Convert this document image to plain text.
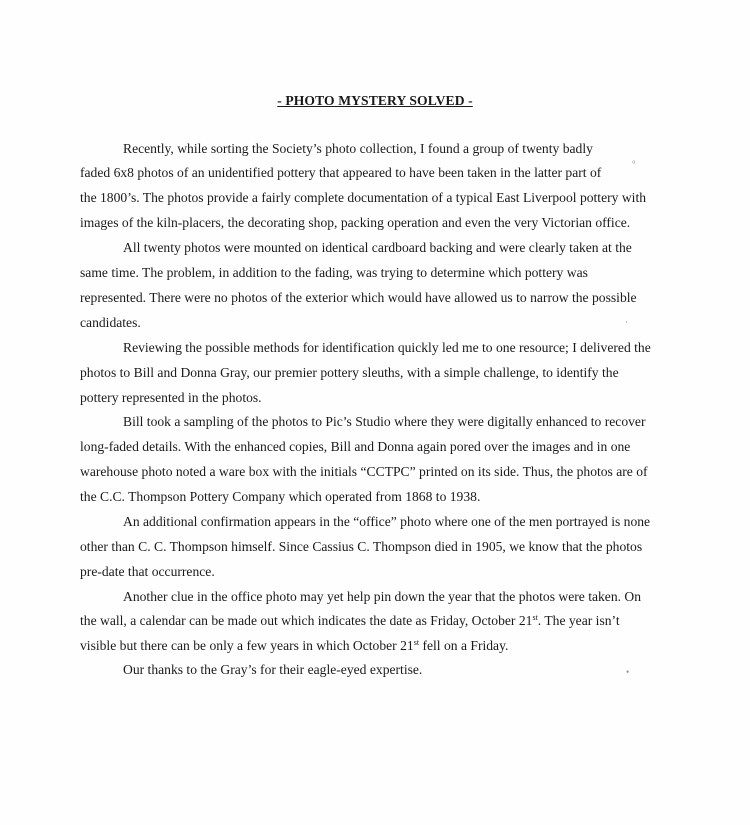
- PHOTO MYSTERY SOLVED -
Recently, while sorting the Society’s photo collection, I found a group of twenty badly
faded 6x8 photos of an unidentified pottery that appeared to have been taken in the latter part of
the 1800’s. The photos provide a fairly complete documentation of a typical East Liverpool pottery with
images of the kiln-placers, the decorating shop, packing operation and even the very Victorian office.
All twenty photos were mounted on identical cardboard backing and were clearly taken at the
same time. The problem, in addition to the fading, was trying to determine which pottery was
represented. There were no photos of the exterior which would have allowed us to narrow the possible
candidates.
Reviewing the possible methods for identification quickly led me to one resource; I delivered the
photos to Bill and Donna Gray, our premier pottery sleuths, with a simple challenge, to identify the
pottery represented in the photos.
Bill took a sampling of the photos to Pic’s Studio where they were digitally enhanced to recover
long-faded details. With the enhanced copies, Bill and Donna again pored over the images and in one
warehouse photo noted a ware box with the initials “CCTPC” printed on its side. Thus, the photos are of
the C.C. Thompson Pottery Company which operated from 1868 to 1938.
An additional confirmation appears in the “office” photo where one of the men portrayed is none
other than C. C. Thompson himself. Since Cassius C. Thompson died in 1905, we know that the photos
pre-date that occurrence.
Another clue in the office photo may yet help pin down the year that the photos were taken. On
the wall, a calendar can be made out which indicates the date as Friday, October 21st. The year isn’t
visible but there can be only a few years in which October 21st fell on a Friday.
Our thanks to the Gray’s for their eagle-eyed expertise.
°
·
•
